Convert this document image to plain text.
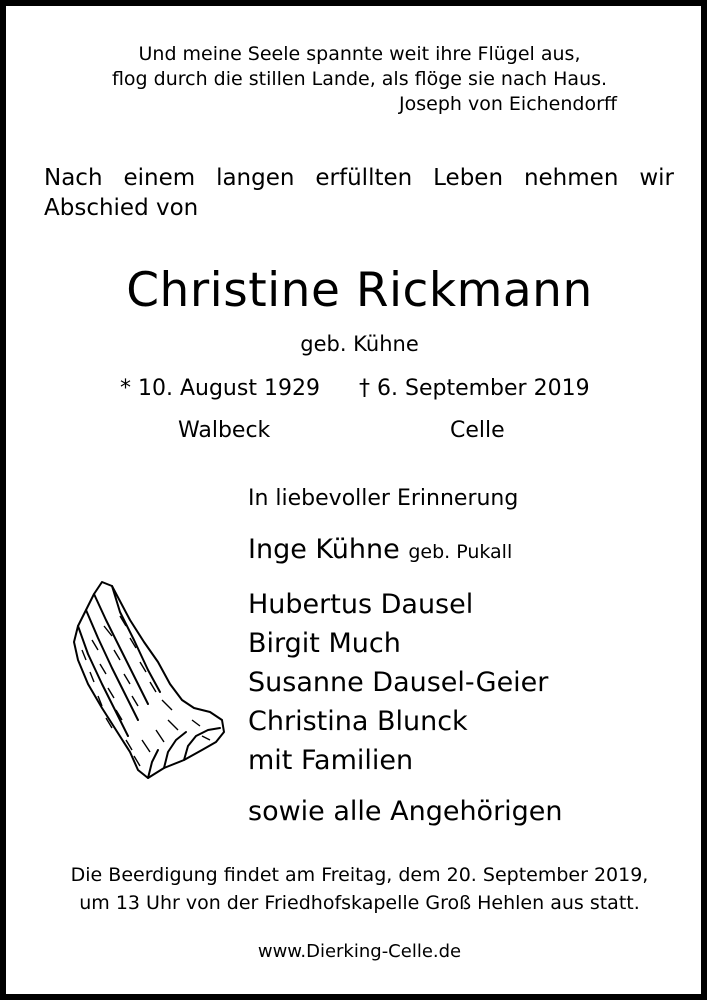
Und meine Seele spannte weit ihre Flügel aus,
flog durch die stillen Lande, als flöge sie nach Haus.
Joseph von Eichendorff
Nach einem langen erfüllten Leben nehmen wir
Abschied von
Christine Rickmann
geb. Kühne
* 10. August 1929 † 6. September 2019
Walbeck	Celle
In liebevoller Erinnerung
Inge Kühne geb. Pukall
Hubertus Dausel
Birgit Much
Susanne Dausel-Geier
Christina Blunck
mit Familien
sowie alle Angehörigen
Die Beerdigung findet am Freitag, dem 20. September 2019,
um 13 Uhr von der Friedhofskapelle Groß Hehlen aus statt.
www.Dierking-Celle.de
